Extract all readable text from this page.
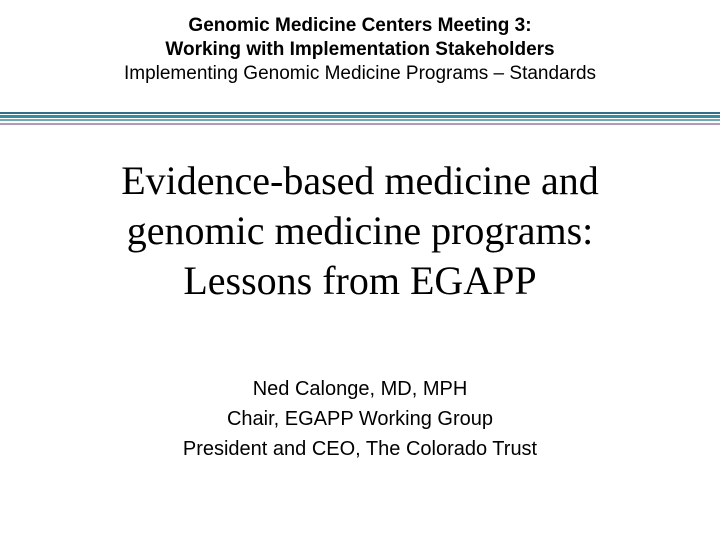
Genomic Medicine Centers Meeting 3:
Working with Implementation Stakeholders
Implementing Genomic Medicine Programs – Standards
Evidence-based medicine and
genomic medicine programs:
Lessons from EGAPP
Ned Calonge, MD, MPH
Chair, EGAPP Working Group
President and CEO, The Colorado Trust
